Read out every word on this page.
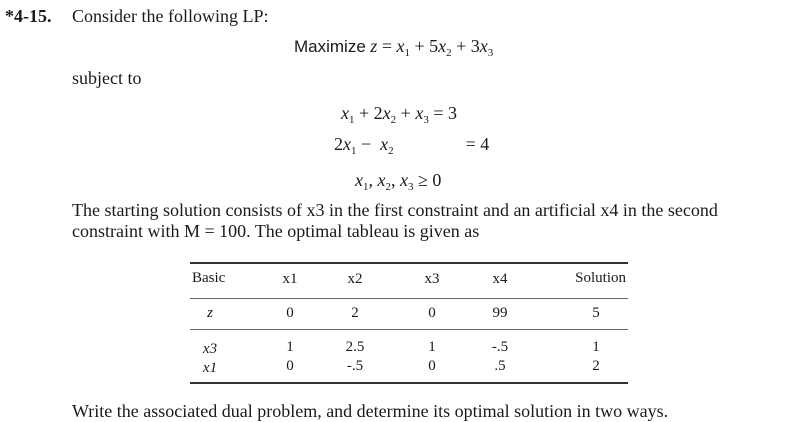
*4-15. Consider the following LP:
Maximize $z = x_1 + 5x_2 + 3x_3$
subject to
$x_1 + 2x_2 + x_3 = 3$
$2x_1 - x_2$                = 4
$x_1$, $x_2$, $x_3 \ge 0$
The starting solution consists of x3 in the first constraint and an artificial x4 in the second
constraint with M = 100. The optimal tableau is given as
Basic	x1	x2	x3	x4	Solution
z	0	2	0	99	5
x3	1	2.5	1	-.5	1
x1	0	-.5	0	.5	2
Write the associated dual problem, and determine its optimal solution in two ways.
